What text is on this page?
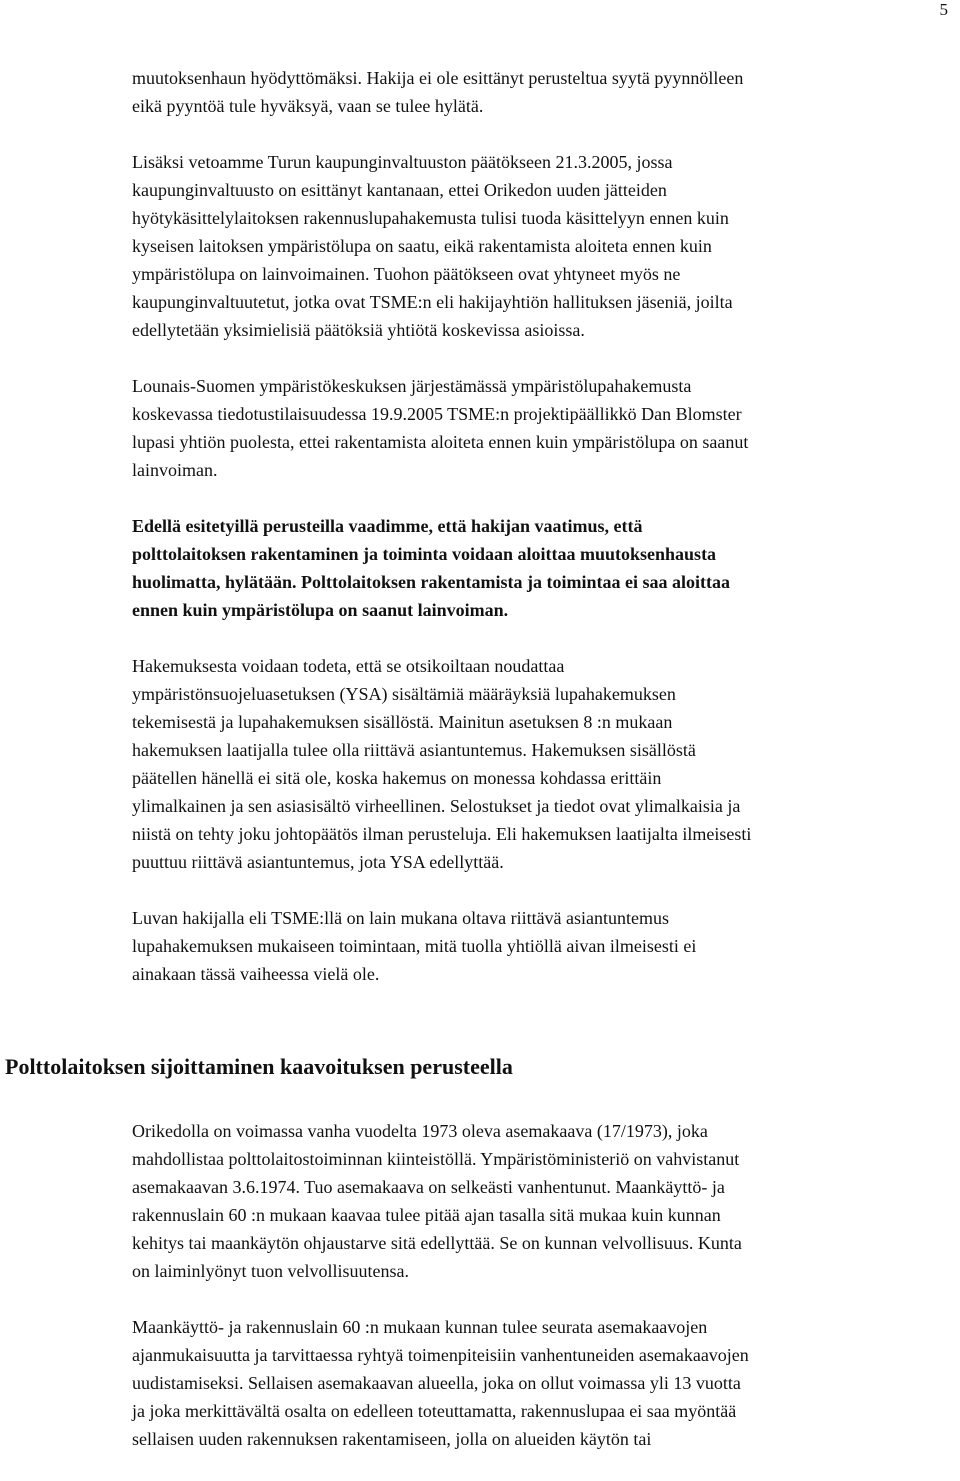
5

muutoksenhaun hyödyttömäksi. Hakija ei ole esittänyt perusteltua syytä pyynnölleen
eikä pyyntöä tule hyväksyä, vaan se tulee hylätä.

Lisäksi vetoamme Turun kaupunginvaltuuston päätökseen 21.3.2005, jossa
kaupunginvaltuusto on esittänyt kantanaan, ettei Orikedon uuden jätteiden
hyötykäsittelylaitoksen rakennuslupahakemusta tulisi tuoda käsittelyyn ennen kuin
kyseisen laitoksen ympäristölupa on saatu, eikä rakentamista aloiteta ennen kuin
ympäristölupa on lainvoimainen. Tuohon päätökseen ovat yhtyneet myös ne
kaupunginvaltuutetut, jotka ovat TSME:n eli hakijayhtiön hallituksen jäseniä, joilta
edellytetään yksimielisiä päätöksiä yhtiötä koskevissa asioissa.

Lounais-Suomen ympäristökeskuksen järjestämässä ympäristölupahakemusta
koskevassa tiedotustilaisuudessa 19.9.2005 TSME:n projektipäällikkö Dan Blomster
lupasi yhtiön puolesta, ettei rakentamista aloiteta ennen kuin ympäristölupa on saanut
lainvoiman.

Edellä esitetyillä perusteilla vaadimme, että hakijan vaatimus, että
polttolaitoksen rakentaminen ja toiminta voidaan aloittaa muutoksenhausta
huolimatta, hylätään. Polttolaitoksen rakentamista ja toimintaa ei saa aloittaa
ennen kuin ympäristölupa on saanut lainvoiman.

Hakemuksesta voidaan todeta, että se otsikoiltaan noudattaa
ympäristönsuojeluasetuksen (YSA) sisältämiä määräyksiä lupahakemuksen
tekemisestä ja lupahakemuksen sisällöstä. Mainitun asetuksen 8 :n mukaan
hakemuksen laatijalla tulee olla riittävä asiantuntemus. Hakemuksen sisällöstä
päätellen hänellä ei sitä ole, koska hakemus on monessa kohdassa erittäin
ylimalkainen ja sen asiasisältö virheellinen. Selostukset ja tiedot ovat ylimalkaisia ja
niistä on tehty joku johtopäätös ilman perusteluja. Eli hakemuksen laatijalta ilmeisesti
puuttuu riittävä asiantuntemus, jota YSA edellyttää.

Luvan hakijalla eli TSME:llä on lain mukana oltava riittävä asiantuntemus
lupahakemuksen mukaiseen toimintaan, mitä tuolla yhtiöllä aivan ilmeisesti ei
ainakaan tässä vaiheessa vielä ole.

Polttolaitoksen sijoittaminen kaavoituksen perusteella

Orikedolla on voimassa vanha vuodelta 1973 oleva asemakaava (17/1973), joka
mahdollistaa polttolaitostoiminnan kiinteistöllä. Ympäristöministeriö on vahvistanut
asemakaavan 3.6.1974. Tuo asemakaava on selkeästi vanhentunut. Maankäyttö- ja
rakennuslain 60 :n mukaan kaavaa tulee pitää ajan tasalla sitä mukaa kuin kunnan
kehitys tai maankäytön ohjaustarve sitä edellyttää. Se on kunnan velvollisuus. Kunta
on laiminlyönyt tuon velvollisuutensa.

Maankäyttö- ja rakennuslain 60 :n mukaan kunnan tulee seurata asemakaavojen
ajanmukaisuutta ja tarvittaessa ryhtyä toimenpiteisiin vanhentuneiden asemakaavojen
uudistamiseksi. Sellaisen asemakaavan alueella, joka on ollut voimassa yli 13 vuotta
ja joka merkittävältä osalta on edelleen toteuttamatta, rakennuslupaa ei saa myöntää
sellaisen uuden rakennuksen rakentamiseen, jolla on alueiden käytön tai
